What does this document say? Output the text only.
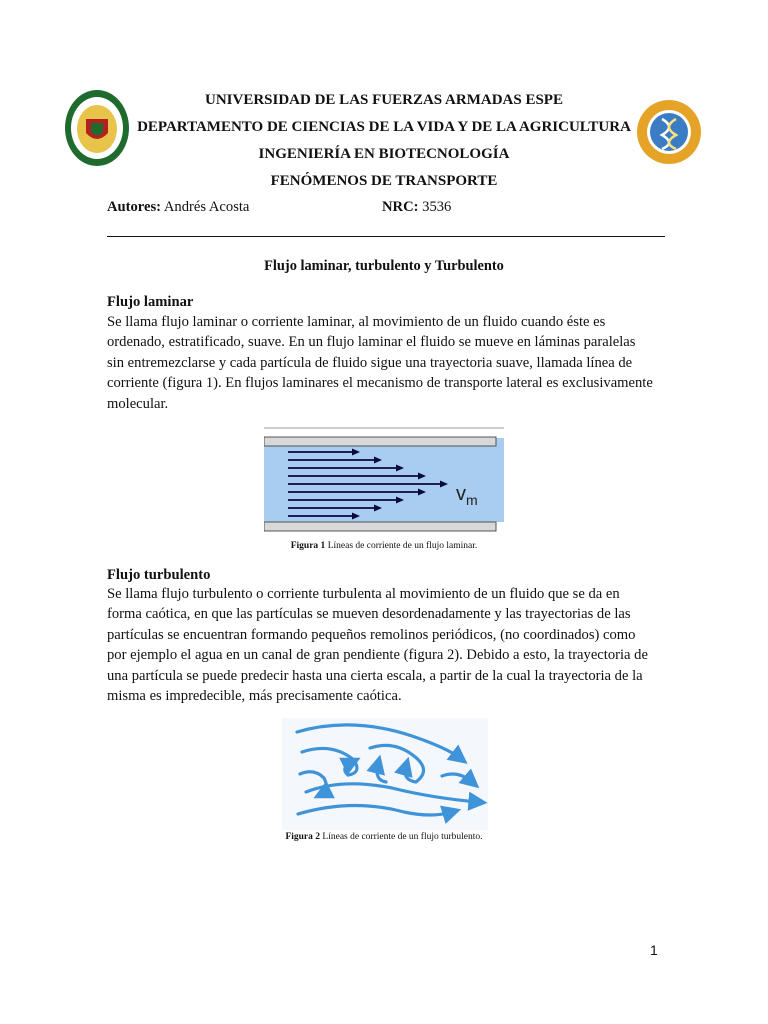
ESPE	UNIVERSIDAD DE LAS FUERZAS ARMADAS ESPE
DEPARTAMENTO DE CIENCIAS DE LA VIDA Y DE LA AGRICULTURA
INGENIERÍA EN BIOTECNOLOGÍA
FENÓMENOS DE TRANSPORTE
Autores: Andrés Acosta	NRC: 3536
Flujo laminar, turbulento y Turbulento
Flujo laminar
Se llama flujo laminar o corriente laminar, al movimiento de un fluido cuando éste es
ordenado, estratificado, suave. En un flujo laminar el fluido se mueve en láminas paralelas
sin entremezclarse y cada partícula de fluido sigue una trayectoria suave, llamada línea de
corriente (figura 1). En flujos laminares el mecanismo de transporte lateral es exclusivamente
molecular.
$v_m$
Figura 1 Líneas de corriente de un flujo laminar.
Flujo turbulento
Se llama flujo turbulento o corriente turbulenta al movimiento de un fluido que se da en
forma caótica, en que las partículas se mueven desordenadamente y las trayectorias de las
partículas se encuentran formando pequeños remolinos periódicos, (no coordinados) como
por ejemplo el agua en un canal de gran pendiente (figura 2). Debido a esto, la trayectoria de
una partícula se puede predecir hasta una cierta escala, a partir de la cual la trayectoria de la
misma es impredecible, más precisamente caótica.
Figura 2 Líneas de corriente de un flujo turbulento.
1
